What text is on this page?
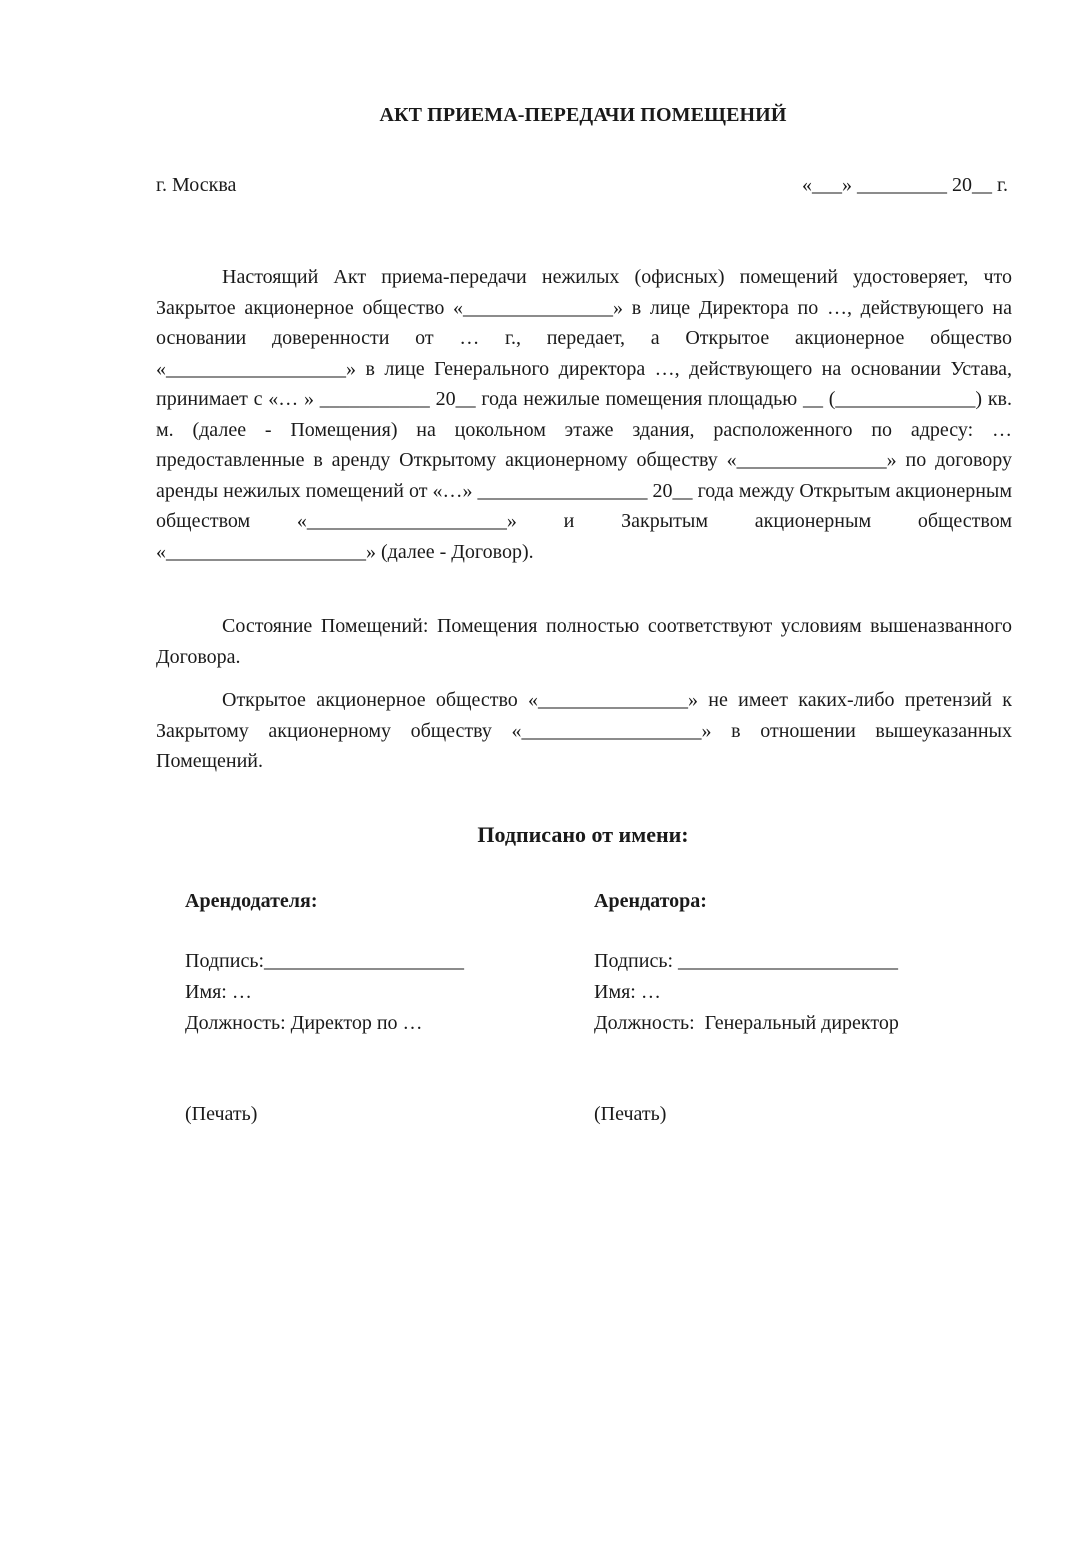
АКТ ПРИЕМА-ПЕРЕДАЧИ ПОМЕЩЕНИЙ
г. Москва	«___» _________ 20__ г.

Настоящий Акт приема-передачи нежилых (офисных) помещений удостоверяет, что Закрытое акционерное общество «_______________» в лице Директора по …, действующего на основании доверенности от … г., передает, а Открытое акционерное общество «__________________» в лице Генерального директора …, действующего на основании Устава, принимает с «… » ___________ 20__ года нежилые помещения площадью __ (______________) кв. м. (далее - Помещения) на цокольном этаже здания, расположенного по адресу: … предоставленные в аренду Открытому акционерному обществу «_______________» по договору аренды нежилых помещений от «…» _________________ 20__ года между Открытым акционерным обществом «____________________» и Закрытым акционерным обществом «____________________» (далее - Договор).

Состояние Помещений: Помещения полностью соответствуют условиям вышеназванного Договора.

Открытое акционерное общество «_______________» не имеет каких-либо претензий к Закрытому акционерному обществу «__________________» в отношении вышеуказанных Помещений.

Подписано от имени:
Арендодателя:
Подпись:____________________
Имя: …
Должность: Директор по …
(Печать)
Арендатора:
Подпись: ______________________
Имя: …
Должность:  Генеральный директор
(Печать)
